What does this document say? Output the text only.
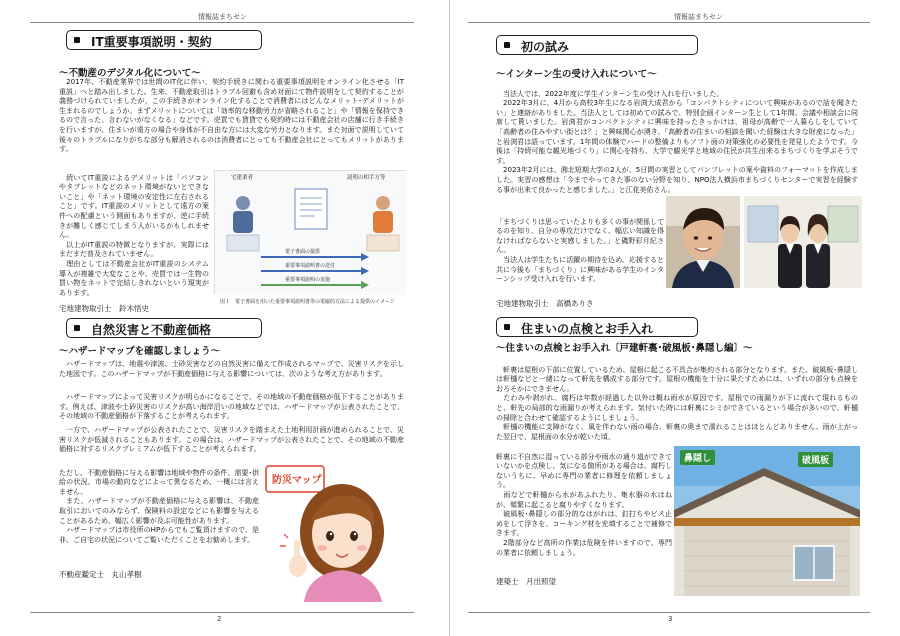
情報誌まちセン
IT重要事項説明・契約
～不動産のデジタル化について～

　2017年、不動産業界では世間のIT化に伴い、契約手続きに関わる重要事項説明をオンライン化させる「IT重説」へと踏み出しました。生来、不動産取引はトラブル回避も含め対面にて物件説明をして契約することが義務づけられていましたが、この手続きがオンライン化することで消費者にはどんなメリット･デメリットが生まれるのでしょうか。まずメリットについては「効率的な移動労力が省略されること」や「情報を保持できるので言った、言わないがなくなる」などです。売買でも賃貸でも契約時には不動産会社の店舗に行き手続きを行いますが、住まいが遠方の場合や身体が不自由な方には大変な労力となります。また対面で説明していて後々のトラブルになりがちな部分も解消されるのは消費者にとっても不動産会社にとってもメリットがあります。

　続いてIT重説によるデメリットは「パソコンやタブレットなどのネット環境がないとできないこと」や「ネット環境の安定性に左右されること」です。IT重説のメリットとして遠方の案件への配慮という側面もありますが、逆に手続きが難しく感じてしまう人がいるかもしれません。
　以上がIT重説の特徴となりますが、実際にはまだまだ普及されていません。
　理由としては不動産会社がIT重説のシステム導入が複雑で大変なことや、売買では一生物の買い物をネットで完結しきれないという現実があります。

宅地建物取引士　鈴木悟史
宅建業者	説明の相手方等
電子書面の提供
重要事項説明書の送付
重要事項説明の実施
図１　電子書面を用いた重要事項説明書等の電磁的方法による提供のイメージ
自然災害と不動産価格
～ハザードマップを確認しましょう～

　ハザードマップは、地震や津波、土砂災害などの自然災害に備えて作成されるマップで、災害リスクを示した地図です。このハザードマップが不動産価格に与える影響については、次のような考え方があります。

　ハザードマップによって災害リスクが明らかになることで、その地域の不動産価格が低下することがあります。例えば、津波や土砂災害のリスクが高い海岸沿いの地域などでは、ハザードマップが公表されたことで、その地域の不動産価格が下落することが考えられます。

　一方で、ハザードマップが公表されたことで、災害リスクを踏まえた土地利用計画が進められることで、災害リスクが低減されることもあります。この場合は、ハザードマップが公表されたことで、その地域の不動産価格に対するリスクプレミアムが低下することが考えられます。

ただし、不動産価格に与える影響は地域や物件の条件、需要･供給の状況、市場の動向などによって異なるため、一概には言えません。
　また、ハザードマップが不動産価格に与える影響は、不動産取引においてのみならず、保険料の設定などにも影響を与えることがあるため、幅広く影響が及ぶ可能性があります。
　ハザードマップは市役所のHPからでもご覧頂けますので、是非、ご自宅の状況についてご覧いただくことをお勧めします。

不動産鑑定士　丸山孝樹
防災マップ
2
情報誌まちセン
初の試み
～インターン生の受け入れについて～

　当法人では、2022年度に学生インターン生の受け入れを行いました。
　2022年3月に、4月から高校3年生になる岩渕大成君から「コンパクトシティについて興味があるので話を聞きたい」と連絡がありました。当法人としては初めての試みで、特別企画インターン生として1年間、会議や相談会に同席して貰いました。岩渕君がコンパクトシティに興味を持ったきっかけは、祖母が高齢で一人暮らしをしていて「高齢者の住みやすい街とは？」と興味関心が湧き、「高齢者の住まいの相談を聞いた経験は大きな財産になった」と岩渕君は語っています。1年間の体験でハードの整備よりもソフト面の対策強化の必要性を発見したようです。今後は「持続可能な観光地づくり」に関心を持ち、大学で観光学と地域の住民が共生出来るまちづくりを学ぶそうです。
　2023年2月には、湘北短期大学の2人が、5日間の実習としてパンフレットの案や資料のフォーマットを作成しました。実習の感想は「今までやってきた事のない分野を知り、NPO法人横浜市まちづくりセンターで実習を経験する事が出来て良かったと感じました。」と江花美佑さん。

「まちづくりは思っていたよりも多くの事が関係してるのを知り、自分の専攻だけでなく、幅広い知識を得なければならないと実感しました。」と磯野彩月紀さん。
　当法人は学生たちに活躍の期待を込め、応援すると共に今後も「まちづくり」に興味がある学生のインターンシップ受け入れを行います。

宅地建物取引士　高橋ありさ
住まいの点検とお手入れ
～住まいの点検とお手入れ〔戸建軒裏･破風板･鼻隠し編〕～

　軒裏は屋根の下部に位置しているため、屋根に起こる不具合が集約される部分となります。また、破風板･鼻隠しは軒樋などと一緒になって軒先を構成する部分です。屋根の機能を十分に果たすためには、いずれの部分も点検をおろそかにできません。
　たわみや剥がれ、腐朽は年数が経過した以外は概ね雨水が原因です。屋根での雨漏りが下に流れて現れるものと、軒先の局部的な雨漏りが考えられます。気付いた時には軒裏にシミができているという場合が多いので、軒樋の掃除と合わせて確認するようにしましょう。
　軒樋の機能に支障がなく、風を伴わない雨の場合、軒裏の奥まで濡れることはほとんどありません。雨が上がった翌日で、屋根面の水分が乾いた頃、

軒裏に不自然に湿っている部分や雨水の通り道ができていないかを点検し、気になる箇所がある場合は、腐朽しないうちに、早めに専門の業者に修理を依頼しましょう。
　雨などで軒樋から水があふれたり、集水器の水はねが、頻繁に起こると腐りやすくなります。
　破風板･鼻隠しの部分的なはがれは、釘打ちやビス止めをして浮きを、コーキング材を充填することで補修できます。
　2階部分など高所の作業は危険を伴いますので、専門の業者に依頼しましょう。

建築士　月出照望
鼻隠し	破風板
3
